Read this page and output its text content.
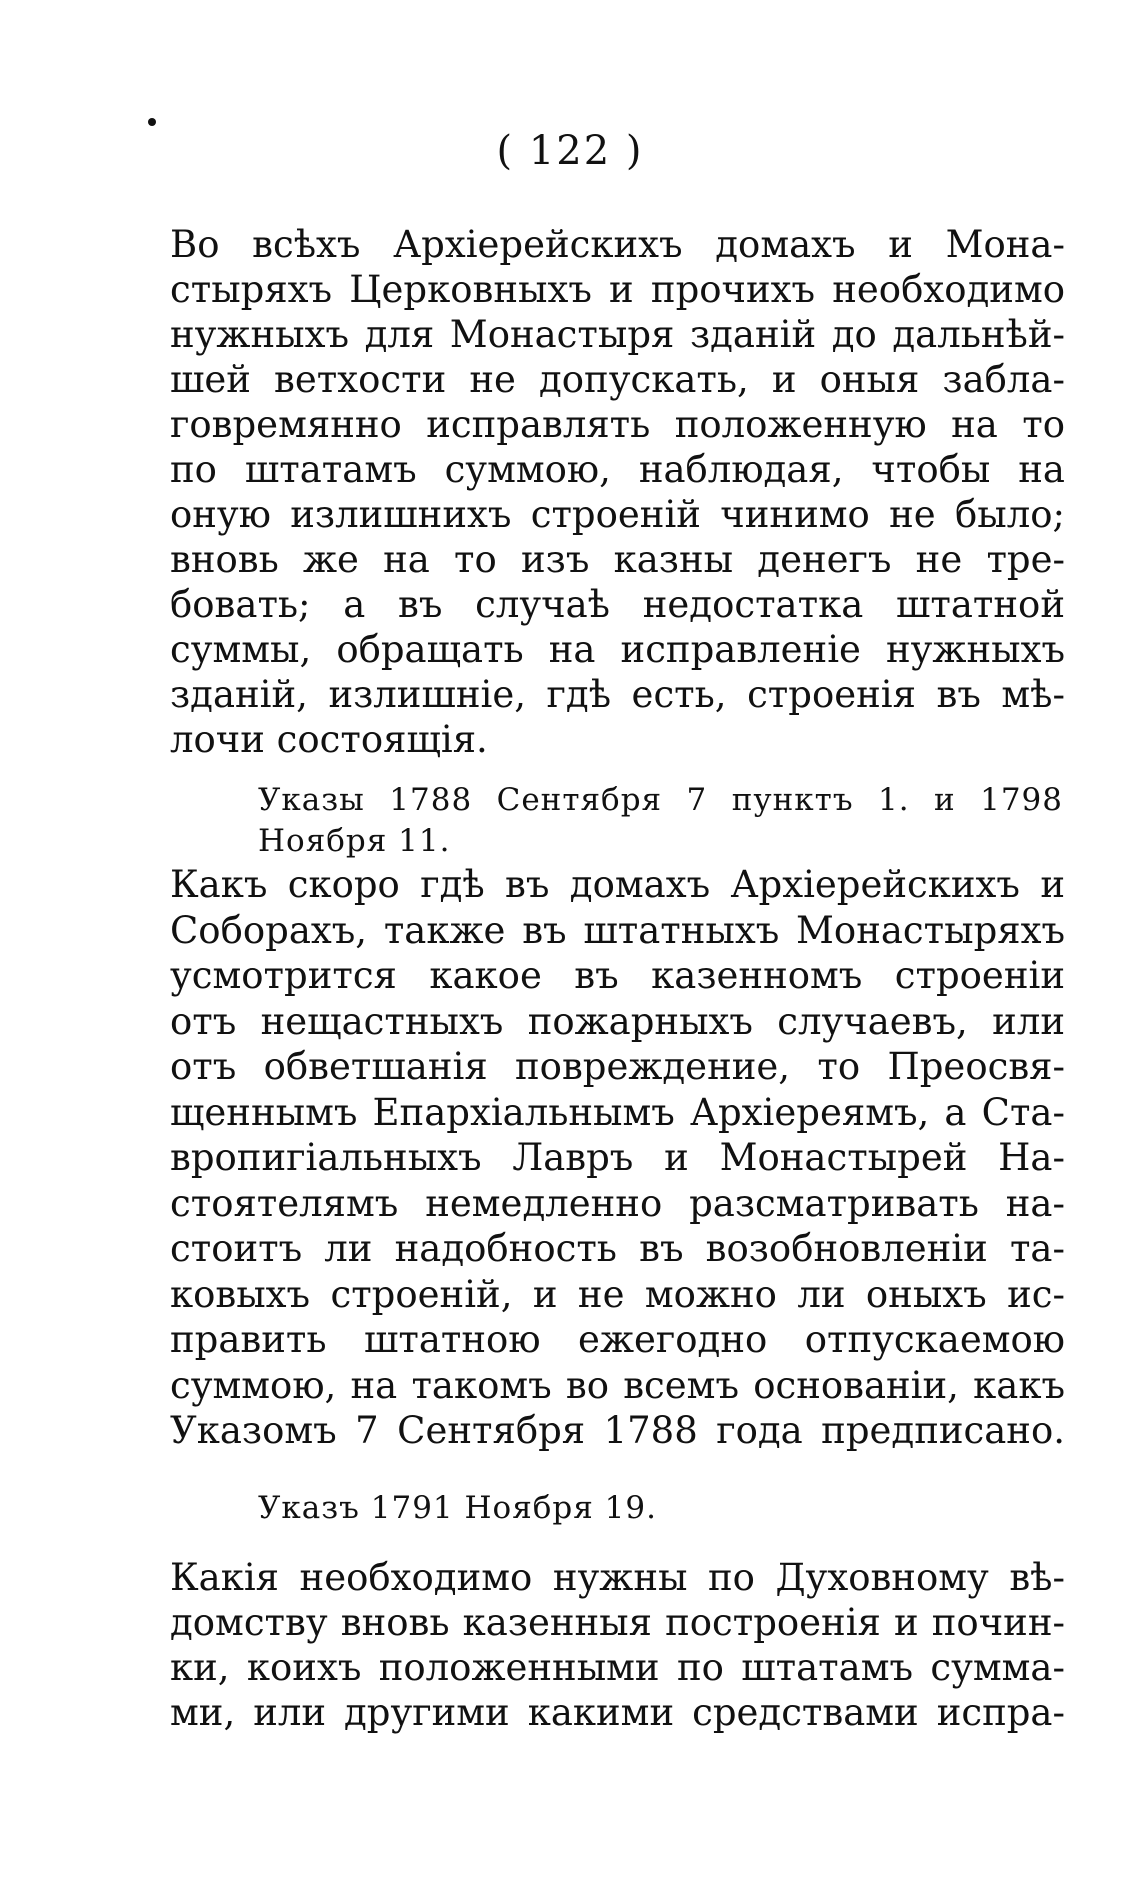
( 122 )
Во всѣхъ Архіерейскихъ домахъ и Мона-
стыряхъ Церковныхъ и прочихъ необходимо
нужныхъ для Монастыря зданій до дальнѣй-
шей ветхости не допускать, и оныя забла-
говремянно исправлять положенную на то
по штатамъ суммою, наблюдая, чтобы на
оную излишнихъ строеній чинимо не было;
вновь же на то изъ казны денегъ не тре-
бовать; а въ случаѣ недостатка штатной
суммы, обращать на исправленіе нужныхъ
зданій, излишніе, гдѣ есть, строенія въ мѣ-
лочи состоящія.
Указы 1788 Сентября 7 пунктъ 1. и 1798
Ноября 11.
Какъ скоро гдѣ въ домахъ Архіерейскихъ и
Соборахъ, также въ штатныхъ Монастыряхъ
усмотрится какое въ казенномъ строеніи
отъ нещастныхъ пожарныхъ случаевъ, или
отъ обветшанія повреждение, то Преосвя-
щеннымъ Епархіальнымъ Архіереямъ, а Ста-
вропигіальныхъ Лавръ и Монастырей На-
стоятелямъ немедленно разсматривать на-
стоитъ ли надобность въ возобновленіи та-
ковыхъ строеній, и не можно ли оныхъ ис-
править штатною ежегодно отпускаемою
суммою, на такомъ во всемъ основаніи, какъ
Указомъ 7 Сентября 1788 года предписано.
Указъ 1791 Ноября 19.
Какія необходимо нужны по Духовному вѣ-
домству вновь казенныя построенія и почин-
ки, коихъ положенными по штатамъ сумма-
ми, или другими какими средствами испра-
